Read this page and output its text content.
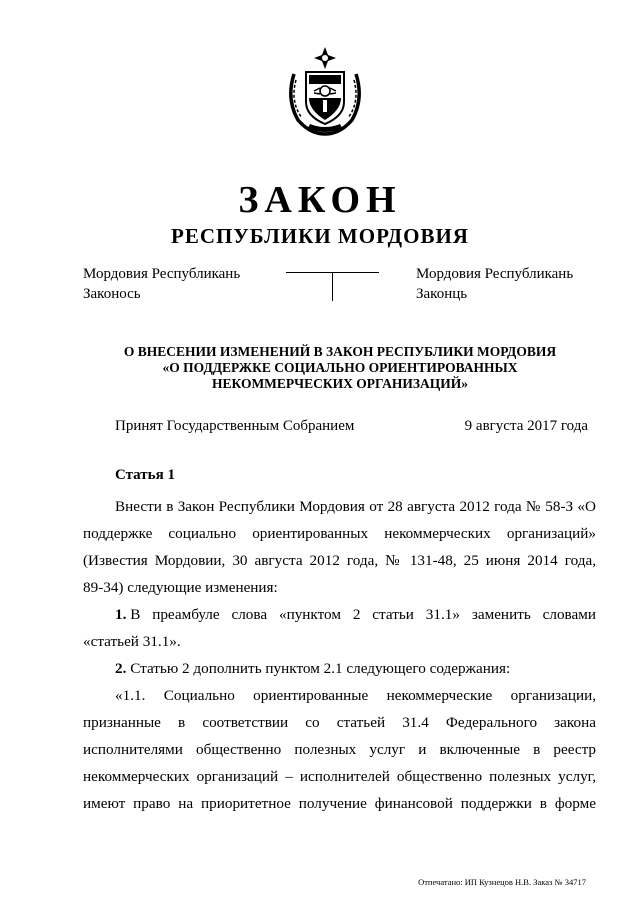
ЗАКОН
РЕСПУБЛИКИ МОРДОВИЯ
Мордовия Республикань
Законось
Мордовия Республикань
Законць
О ВНЕСЕНИИ ИЗМЕНЕНИЙ В ЗАКОН РЕСПУБЛИКИ МОРДОВИЯ
«О ПОДДЕРЖКЕ СОЦИАЛЬНО ОРИЕНТИРОВАННЫХ
НЕКОММЕРЧЕСКИХ ОРГАНИЗАЦИЙ»
Принят Государственным Собранием	9 августа 2017 года
Статья 1
Внести в Закон Республики Мордовия от 28 августа 2012 года № 58-З «О
поддержке социально ориентированных некоммерческих организаций»
(Известия Мордовии, 30 августа 2012 года, № 131-48, 25 июня 2014 года,
89-34) следующие изменения:
1. В преамбуле слова «пунктом 2 статьи 31.1» заменить словами
«статьей 31.1».
2. Статью 2 дополнить пунктом 2.1 следующего содержания:
«1.1. Социально ориентированные некоммерческие организации,
признанные в соответствии со статьей 31.4 Федерального закона
исполнителями общественно полезных услуг и включенные в реестр
некоммерческих организаций – исполнителей общественно полезных услуг,
имеют право на приоритетное получение финансовой поддержки в форме
Отпечатано: ИП Кузнецов Н.В. Заказ № 34717
